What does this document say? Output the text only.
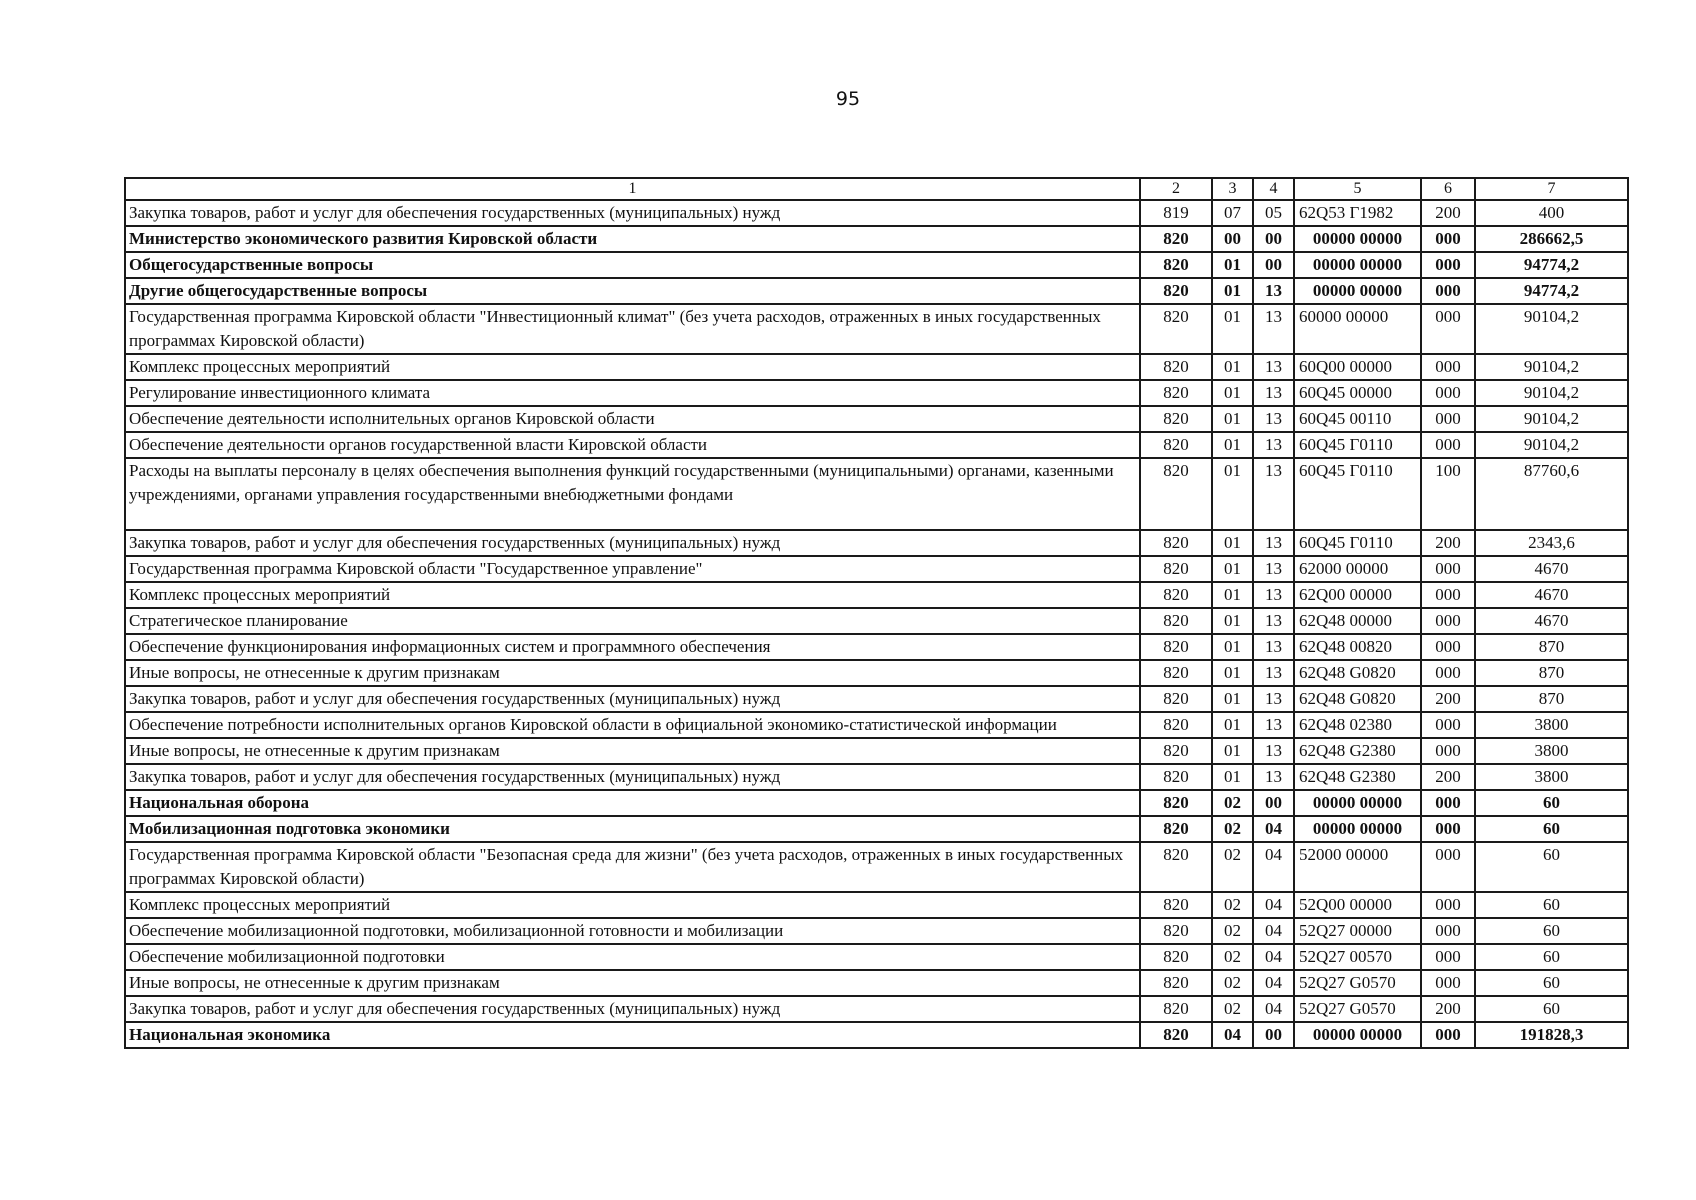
95
1	2	3	4	5	6	7
Закупка товаров, работ и услуг для обеспечения государственных (муниципальных) нужд	819	07	05	62Q53 Г1982	200	400
Министерство экономического развития Кировской области	820	00	00	00000 00000	000	286662,5
Общегосударственные вопросы	820	01	00	00000 00000	000	94774,2
Другие общегосударственные вопросы	820	01	13	00000 00000	000	94774,2
Государственная программа Кировской области "Инвестиционный климат" (без учета расходов, отраженных в иных государственных программах Кировской области)	820	01	13	60000 00000	000	90104,2
Комплекс процессных мероприятий	820	01	13	60Q00 00000	000	90104,2
Регулирование инвестиционного климата	820	01	13	60Q45 00000	000	90104,2
Обеспечение деятельности исполнительных органов Кировской области	820	01	13	60Q45 00110	000	90104,2
Обеспечение деятельности органов государственной власти Кировской области	820	01	13	60Q45 Г0110	000	90104,2
Расходы на выплаты персоналу в целях обеспечения выполнения функций государственными (муниципальными) органами, казенными учреждениями, органами управления государственными внебюджетными фондами	820	01	13	60Q45 Г0110	100	87760,6
Закупка товаров, работ и услуг для обеспечения государственных (муниципальных) нужд	820	01	13	60Q45 Г0110	200	2343,6
Государственная программа Кировской области "Государственное управление"	820	01	13	62000 00000	000	4670
Комплекс процессных мероприятий	820	01	13	62Q00 00000	000	4670
Стратегическое планирование	820	01	13	62Q48 00000	000	4670
Обеспечение функционирования информационных систем и программного обеспечения	820	01	13	62Q48 00820	000	870
Иные вопросы, не отнесенные к другим признакам	820	01	13	62Q48 G0820	000	870
Закупка товаров, работ и услуг для обеспечения государственных (муниципальных) нужд	820	01	13	62Q48 G0820	200	870
Обеспечение потребности исполнительных органов Кировской области в официальной экономико-статистической информации	820	01	13	62Q48 02380	000	3800
Иные вопросы, не отнесенные к другим признакам	820	01	13	62Q48 G2380	000	3800
Закупка товаров, работ и услуг для обеспечения государственных (муниципальных) нужд	820	01	13	62Q48 G2380	200	3800
Национальная оборона	820	02	00	00000 00000	000	60
Мобилизационная подготовка экономики	820	02	04	00000 00000	000	60
Государственная программа Кировской области "Безопасная среда для жизни" (без учета расходов, отраженных в иных государственных программах Кировской области)	820	02	04	52000 00000	000	60
Комплекс процессных мероприятий	820	02	04	52Q00 00000	000	60
Обеспечение мобилизационной подготовки, мобилизационной готовности и мобилизации	820	02	04	52Q27 00000	000	60
Обеспечение мобилизационной подготовки	820	02	04	52Q27 00570	000	60
Иные вопросы, не отнесенные к другим признакам	820	02	04	52Q27 G0570	000	60
Закупка товаров, работ и услуг для обеспечения государственных (муниципальных) нужд	820	02	04	52Q27 G0570	200	60
Национальная экономика	820	04	00	00000 00000	000	191828,3
